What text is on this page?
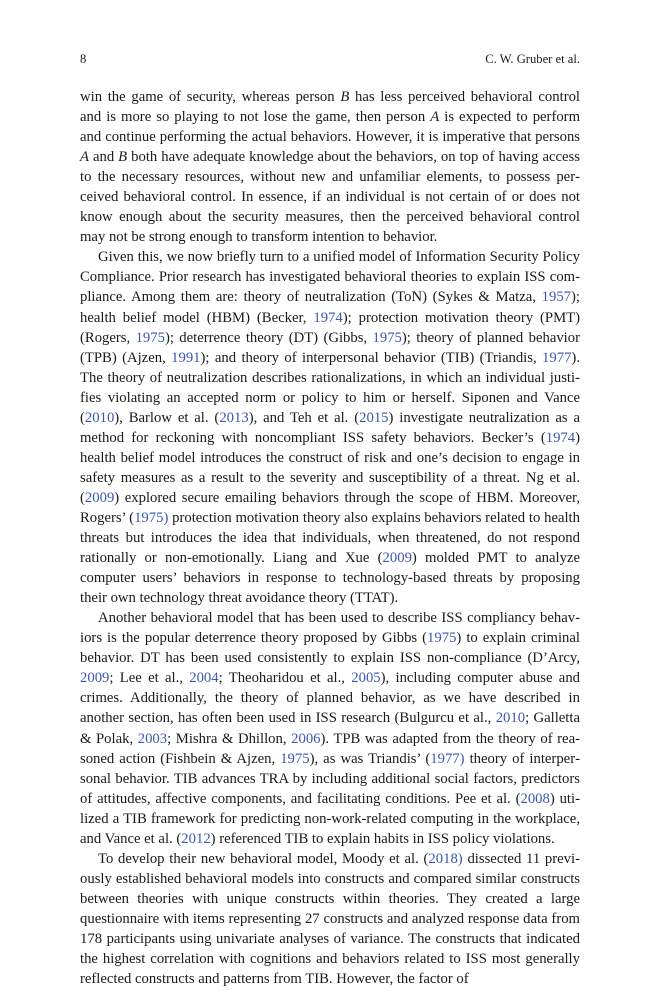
8	C. W. Gruber et al.

win the game of security, whereas person B has less perceived behavioral control and is more so playing to not lose the game, then person A is expected to perform and continue performing the actual behaviors. However, it is imperative that persons A and B both have adequate knowledge about the behaviors, on top of having access to the necessary resources, without new and unfamiliar elements, to possess perceived behavioral control. In essence, if an individual is not certain of or does not know enough about the security measures, then the perceived behavioral control may not be strong enough to transform intention to behavior.

Given this, we now briefly turn to a unified model of Information Security Policy Compliance. Prior research has investigated behavioral theories to explain ISS compliance. Among them are: theory of neutralization (ToN) (Sykes & Matza, 1957); health belief model (HBM) (Becker, 1974); protection motivation theory (PMT) (Rogers, 1975); deterrence theory (DT) (Gibbs, 1975); theory of planned behavior (TPB) (Ajzen, 1991); and theory of interpersonal behavior (TIB) (Triandis, 1977). The theory of neutralization describes rationalizations, in which an individual justifies violating an accepted norm or policy to him or herself. Siponen and Vance (2010), Barlow et al. (2013), and Teh et al. (2015) investigate neutralization as a method for reckoning with noncompliant ISS safety behaviors. Becker’s (1974) health belief model introduces the construct of risk and one’s decision to engage in safety measures as a result to the severity and susceptibility of a threat. Ng et al. (2009) explored secure emailing behaviors through the scope of HBM. Moreover, Rogers’ (1975) protection motivation theory also explains behaviors related to health threats but introduces the idea that individuals, when threatened, do not respond rationally or non-emotionally. Liang and Xue (2009) molded PMT to analyze computer users’ behaviors in response to technology-based threats by proposing their own technology threat avoidance theory (TTAT).

Another behavioral model that has been used to describe ISS compliancy behaviors is the popular deterrence theory proposed by Gibbs (1975) to explain criminal behavior. DT has been used consistently to explain ISS non-compliance (D’Arcy, 2009; Lee et al., 2004; Theoharidou et al., 2005), including computer abuse and crimes. Additionally, the theory of planned behavior, as we have described in another section, has often been used in ISS research (Bulgurcu et al., 2010; Galletta & Polak, 2003; Mishra & Dhillon, 2006). TPB was adapted from the theory of reasoned action (Fishbein & Ajzen, 1975), as was Triandis’ (1977) theory of interpersonal behavior. TIB advances TRA by including additional social factors, predictors of attitudes, affective components, and facilitating conditions. Pee et al. (2008) utilized a TIB framework for predicting non-work-related computing in the workplace, and Vance et al. (2012) referenced TIB to explain habits in ISS policy violations.

To develop their new behavioral model, Moody et al. (2018) dissected 11 previously established behavioral models into constructs and compared similar constructs between theories with unique constructs within theories. They created a large questionnaire with items representing 27 constructs and analyzed response data from 178 participants using univariate analyses of variance. The constructs that indicated the highest correlation with cognitions and behaviors related to ISS most generally reflected constructs and patterns from TIB. However, the factor of
